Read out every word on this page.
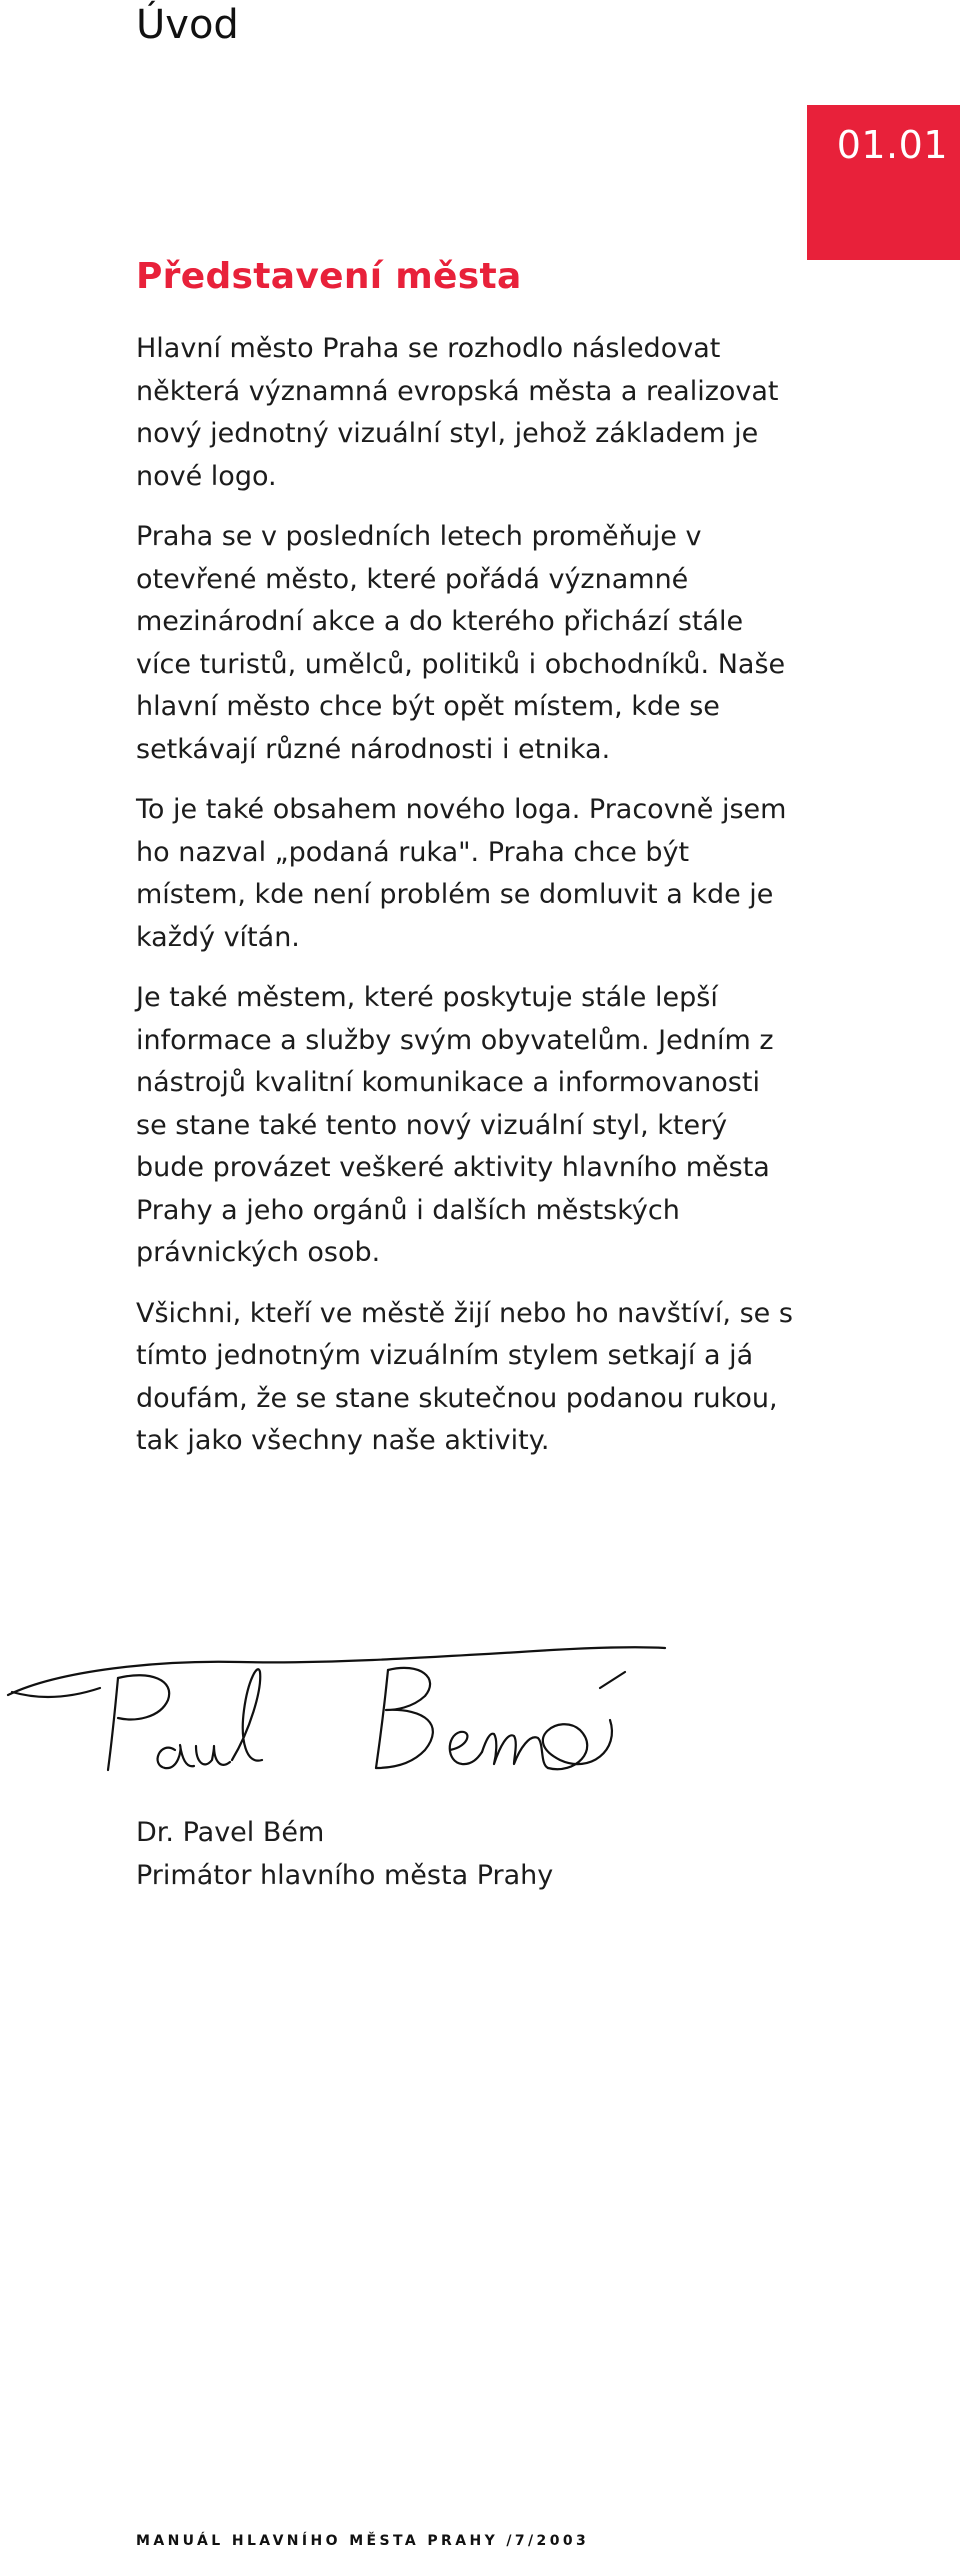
Úvod
01.01
Představení města

Hlavní město Praha se rozhodlo následovat některá významná evropská města a realizovat nový jednotný vizuální styl, jehož základem je nové logo.

Praha se v posledních letech proměňuje v otevřené město, které pořádá významné mezinárodní akce a do kterého přichází stále více turistů, umělců, politiků i obchodníků. Naše hlavní město chce být opět místem, kde se setkávají různé národnosti i etnika.

To je také obsahem nového loga. Pracovně jsem ho nazval „podaná ruka". Praha chce být místem, kde není problém se domluvit a kde je každý vítán.

Je také městem, které poskytuje stále lepší informace a služby svým obyvatelům. Jedním z nástrojů kvalitní komunikace a informovanosti se stane také tento nový vizuální styl, který bude provázet veškeré aktivity hlavního města Prahy a jeho orgánů i dalších městských právnických osob.

Všichni, kteří ve městě žijí nebo ho navštíví, se s tímto jednotným vizuálním stylem setkají a já doufám, že se stane skutečnou podanou rukou, tak jako všechny naše aktivity.

Dr. Pavel Bém
Primátor hlavního města Prahy
MANUÁL HLAVNÍHO MĚSTA PRAHY /7/2003
